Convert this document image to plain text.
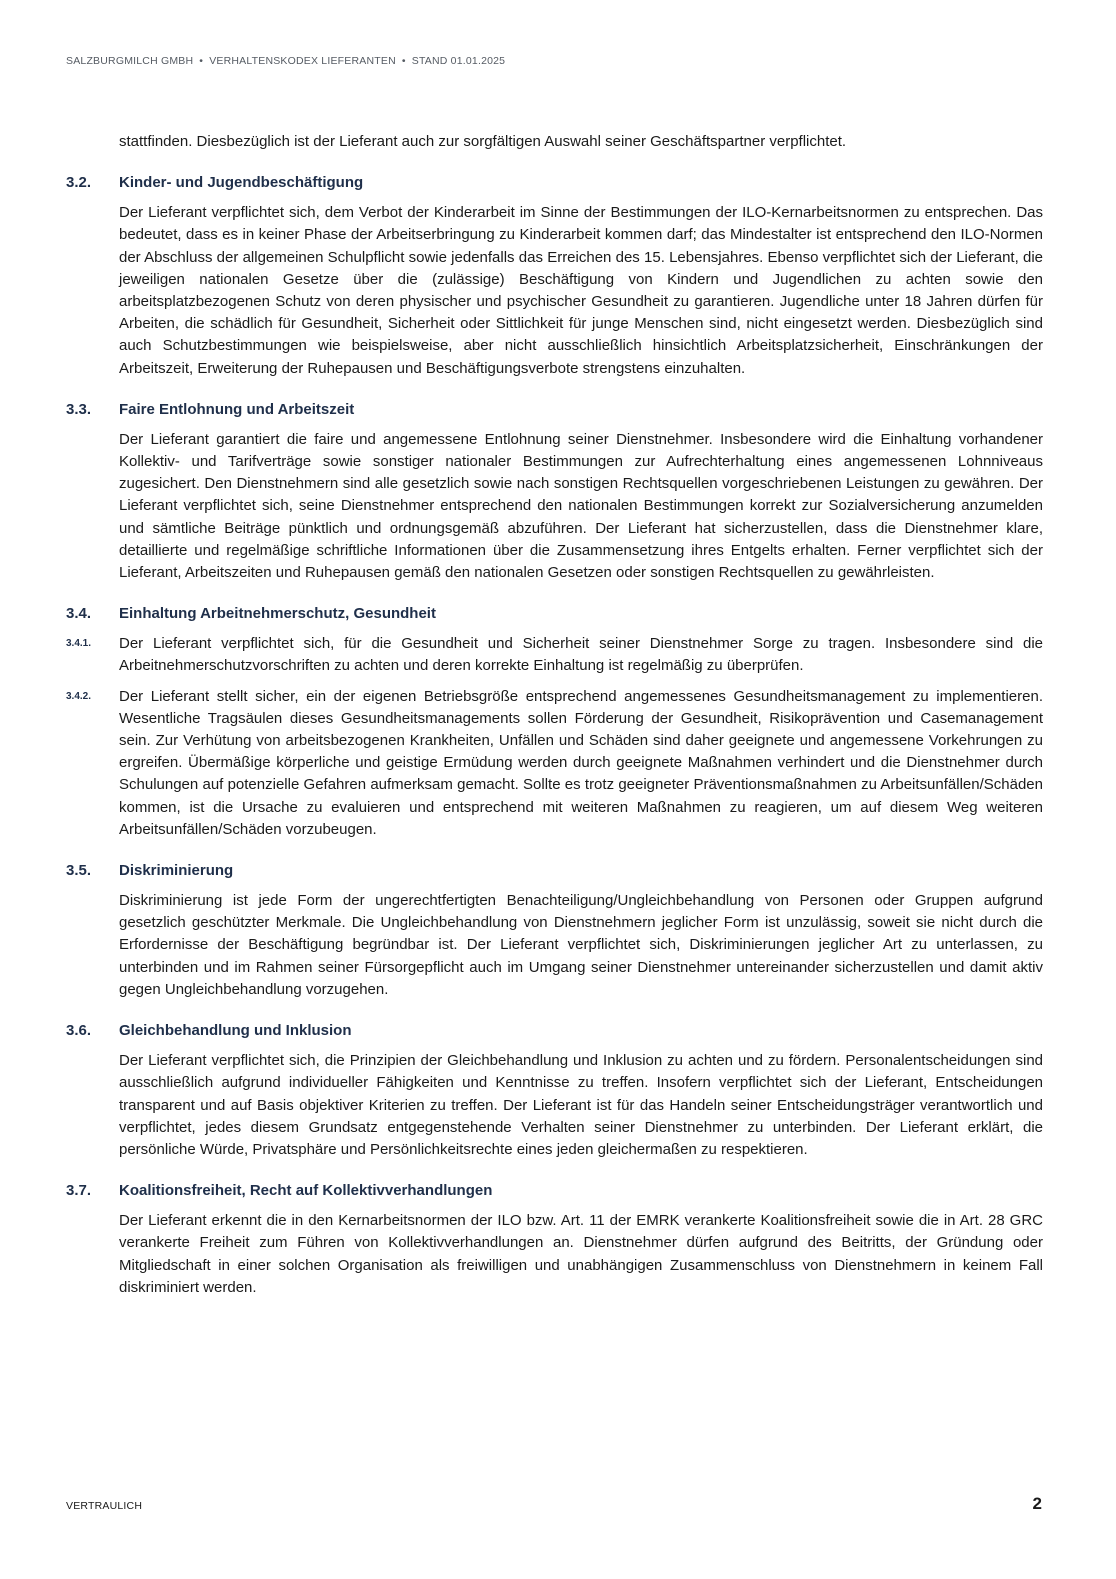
SALZBURGMILCH GMBH • VERHALTENSKODEX LIEFERANTEN • STAND 01.01.2025

stattfinden. Diesbezüglich ist der Lieferant auch zur sorgfältigen Auswahl seiner Geschäftspartner verpflichtet.

3.2.	Kinder- und Jugendbeschäftigung

Der Lieferant verpflichtet sich, dem Verbot der Kinderarbeit im Sinne der Bestimmungen der ILO-Kernarbeitsnormen zu entsprechen. Das bedeutet, dass es in keiner Phase der Arbeitserbringung zu Kinderarbeit kommen darf; das Mindestalter ist entsprechend den ILO-Normen der Abschluss der allgemeinen Schulpflicht sowie jedenfalls das Erreichen des 15. Lebensjahres. Ebenso verpflichtet sich der Lieferant, die jeweiligen nationalen Gesetze über die (zulässige) Beschäftigung von Kindern und Jugendlichen zu achten sowie den arbeitsplatzbezogenen Schutz von deren physischer und psychischer Gesundheit zu garantieren. Jugendliche unter 18 Jahren dürfen für Arbeiten, die schädlich für Gesundheit, Sicherheit oder Sittlichkeit für junge Menschen sind, nicht eingesetzt werden. Diesbezüglich sind auch Schutzbestimmungen wie beispielsweise, aber nicht ausschließlich hinsichtlich Arbeitsplatzsicherheit, Einschränkungen der Arbeitszeit, Erweiterung der Ruhepausen und Beschäftigungsverbote strengstens einzuhalten.

3.3.	Faire Entlohnung und Arbeitszeit

Der Lieferant garantiert die faire und angemessene Entlohnung seiner Dienstnehmer. Insbesondere wird die Einhaltung vorhandener Kollektiv- und Tarifverträge sowie sonstiger nationaler Bestimmungen zur Aufrechterhaltung eines angemessenen Lohnniveaus zugesichert. Den Dienstnehmern sind alle gesetzlich sowie nach sonstigen Rechtsquellen vorgeschriebenen Leistungen zu gewähren. Der Lieferant verpflichtet sich, seine Dienstnehmer entsprechend den nationalen Bestimmungen korrekt zur Sozialversicherung anzumelden und sämtliche Beiträge pünktlich und ordnungsgemäß abzuführen. Der Lieferant hat sicherzustellen, dass die Dienstnehmer klare, detaillierte und regelmäßige schriftliche Informationen über die Zusammensetzung ihres Entgelts erhalten. Ferner verpflichtet sich der Lieferant, Arbeitszeiten und Ruhepausen gemäß den nationalen Gesetzen oder sonstigen Rechtsquellen zu gewährleisten.

3.4.	Einhaltung Arbeitnehmerschutz, Gesundheit
3.4.1.	Der Lieferant verpflichtet sich, für die Gesundheit und Sicherheit seiner Dienstnehmer Sorge zu tragen. Insbesondere sind die Arbeitnehmerschutzvorschriften zu achten und deren korrekte Einhaltung ist regelmäßig zu überprüfen.
3.4.2.	Der Lieferant stellt sicher, ein der eigenen Betriebsgröße entsprechend angemessenes Gesundheitsmanagement zu implementieren. Wesentliche Tragsäulen dieses Gesundheitsmanagements sollen Förderung der Gesundheit, Risikoprävention und Casemanagement sein. Zur Verhütung von arbeitsbezogenen Krankheiten, Unfällen und Schäden sind daher geeignete und angemessene Vorkehrungen zu ergreifen. Übermäßige körperliche und geistige Ermüdung werden durch geeignete Maßnahmen verhindert und die Dienstnehmer durch Schulungen auf potenzielle Gefahren aufmerksam gemacht. Sollte es trotz geeigneter Präventionsmaßnahmen zu Arbeitsunfällen/Schäden kommen, ist die Ursache zu evaluieren und entsprechend mit weiteren Maßnahmen zu reagieren, um auf diesem Weg weiteren Arbeitsunfällen/Schäden vorzubeugen.
3.5.	Diskriminierung

Diskriminierung ist jede Form der ungerechtfertigten Benachteiligung/Ungleichbehandlung von Personen oder Gruppen aufgrund gesetzlich geschützter Merkmale. Die Ungleichbehandlung von Dienstnehmern jeglicher Form ist unzulässig, soweit sie nicht durch die Erfordernisse der Beschäftigung begründbar ist. Der Lieferant verpflichtet sich, Diskriminierungen jeglicher Art zu unterlassen, zu unterbinden und im Rahmen seiner Fürsorgepflicht auch im Umgang seiner Dienstnehmer untereinander sicherzustellen und damit aktiv gegen Ungleichbehandlung vorzugehen.

3.6.	Gleichbehandlung und Inklusion

Der Lieferant verpflichtet sich, die Prinzipien der Gleichbehandlung und Inklusion zu achten und zu fördern. Personalentscheidungen sind ausschließlich aufgrund individueller Fähigkeiten und Kenntnisse zu treffen. Insofern verpflichtet sich der Lieferant, Entscheidungen transparent und auf Basis objektiver Kriterien zu treffen. Der Lieferant ist für das Handeln seiner Entscheidungsträger verantwortlich und verpflichtet, jedes diesem Grundsatz entgegenstehende Verhalten seiner Dienstnehmer zu unterbinden. Der Lieferant erklärt, die persönliche Würde, Privatsphäre und Persönlichkeitsrechte eines jeden gleichermaßen zu respektieren.

3.7.	Koalitionsfreiheit, Recht auf Kollektivverhandlungen

Der Lieferant erkennt die in den Kernarbeitsnormen der ILO bzw. Art. 11 der EMRK verankerte Koalitionsfreiheit sowie die in Art. 28 GRC verankerte Freiheit zum Führen von Kollektivverhandlungen an. Dienstnehmer dürfen aufgrund des Beitritts, der Gründung oder Mitgliedschaft in einer solchen Organisation als freiwilligen und unabhängigen Zusammenschluss von Dienstnehmern in keinem Fall diskriminiert werden.

VERTRAULICH	2
